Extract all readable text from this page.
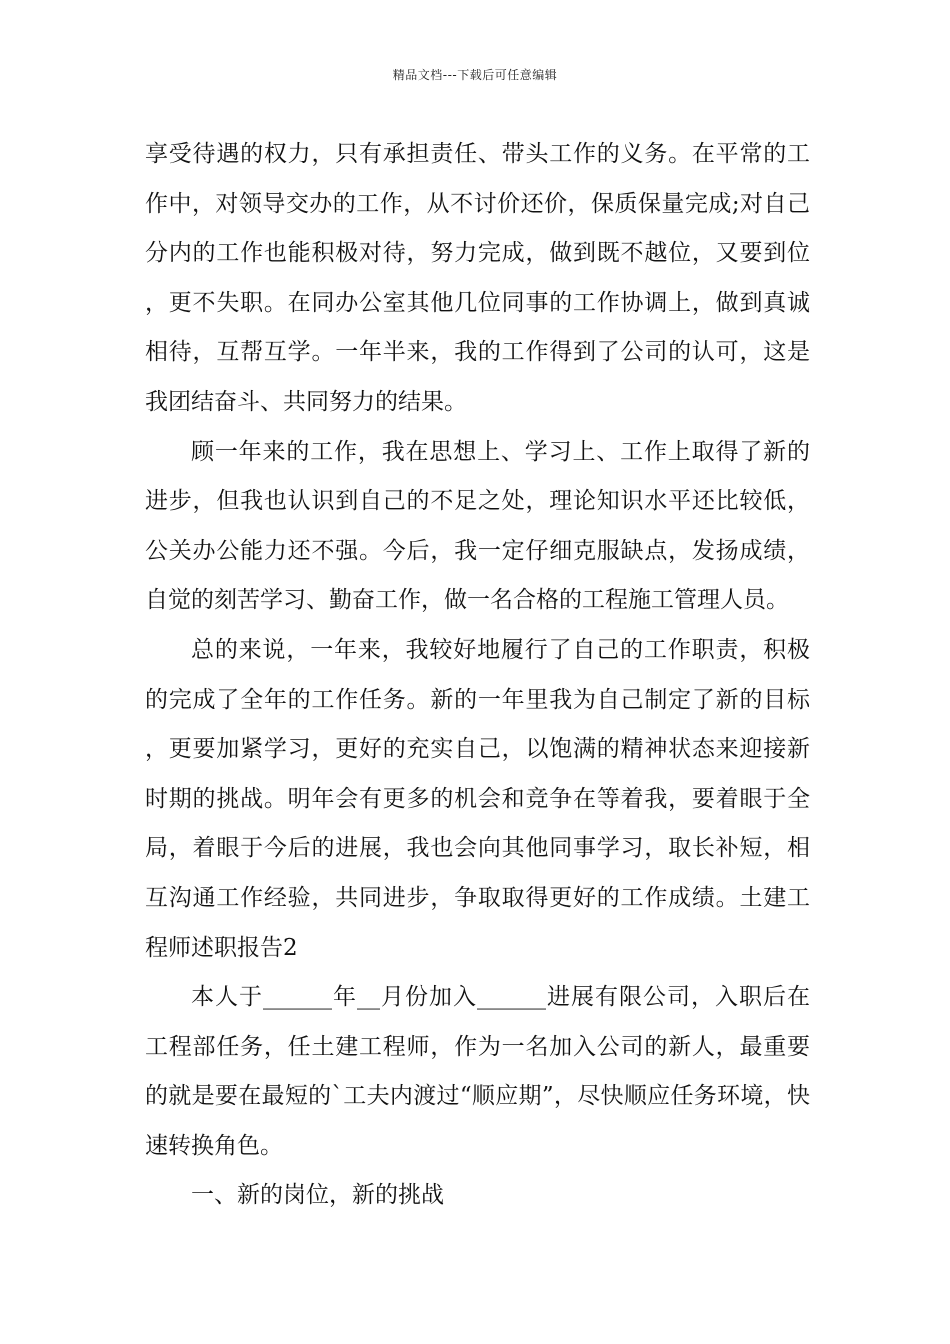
精品文档---下载后可任意编辑

享受待遇的权力，只有承担责任、带头工作的义务。在平常的工作中，对领导交办的工作，从不讨价还价，保质保量完成;对自己分内的工作也能积极对待，努力完成，做到既不越位，又要到位，更不失职。在同办公室其他几位同事的工作协调上，做到真诚相待，互帮互学。一年半来，我的工作得到了公司的认可，这是我团结奋斗、共同努力的结果。

顾一年来的工作，我在思想上、学习上、工作上取得了新的进步，但我也认识到自己的不足之处，理论知识水平还比较低，公关办公能力还不强。今后，我一定仔细克服缺点，发扬成绩，自觉的刻苦学习、勤奋工作，做一名合格的工程施工管理人员。

总的来说，一年来，我较好地履行了自己的工作职责，积极的完成了全年的工作任务。新的一年里我为自己制定了新的目标，更要加紧学习，更好的充实自己，以饱满的精神状态来迎接新时期的挑战。明年会有更多的机会和竞争在等着我，要着眼于全局，着眼于今后的进展，我也会向其他同事学习，取长补短，相互沟通工作经验，共同进步，争取取得更好的工作成绩。土建工程师述职报告2

本人于______年__月份加入______进展有限公司，入职后在工程部任务，任土建工程师，作为一名加入公司的新人，最重要的就是要在最短的`工夫内渡过“顺应期”，尽快顺应任务环境，快速转换角色。

一、新的岗位，新的挑战
